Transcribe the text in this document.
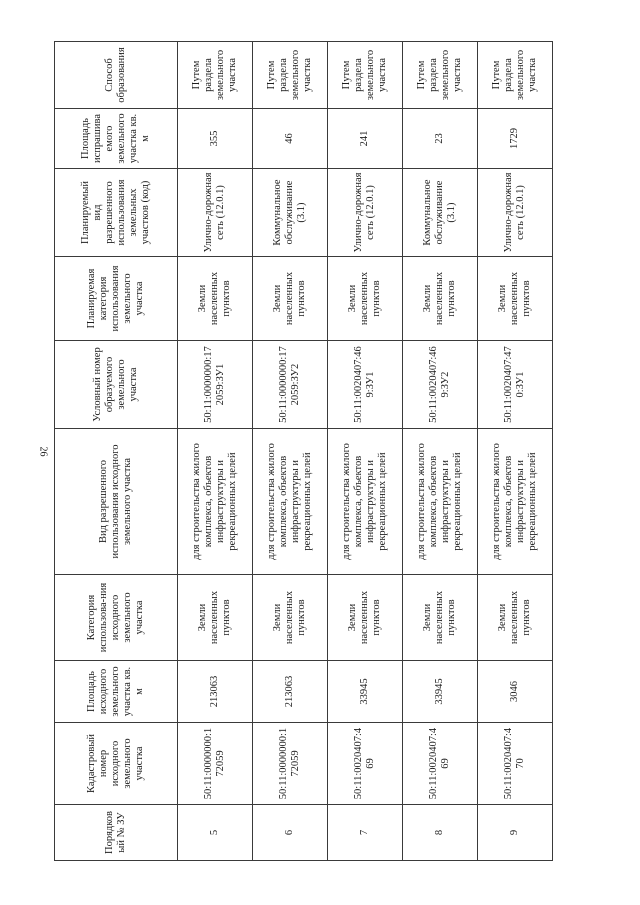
26
Порядковый № ЗУ	Кадастровый номер исходного земельного участка	Площадь исходного земельного участка кв. м	Категория использова-ния исходного земельного участка	Вид разрешенного использования исходного земельного участка	Условный номер образуемого земельного участка	Планируемая категория использования земельного участка	Планируемый вид разрешенного использования земельных участков (код)	Площадь испрашиваемого земельного участка кв. м	Способ образования
5	50:11:0000000:172059	213063	Земли населенных пунктов	для строительства жилого комплекса, объектов инфраструктуры и рекреационных целей	50:11:0000000:172059:ЗУ1	Земли населенных пунктов	Улично-дорожная сеть (12.0.1)	355	Путем раздела земельного участка
6	50:11:0000000:172059	213063	Земли населенных пунктов	для строительства жилого комплекса, объектов инфраструктуры и рекреационных целей	50:11:0000000:172059:ЗУ2	Земли населенных пунктов	Коммунальное обслуживание (3.1)	46	Путем раздела земельного участка
7	50:11:0020407:469	33945	Земли населенных пунктов	для строительства жилого комплекса, объектов инфраструктуры и рекреационных целей	50:11:0020407:469:ЗУ1	Земли населенных пунктов	Улично-дорожная сеть (12.0.1)	241	Путем раздела земельного участка
8	50:11:0020407:469	33945	Земли населенных пунктов	для строительства жилого комплекса, объектов инфраструктуры и рекреационных целей	50:11:0020407:469:ЗУ2	Земли населенных пунктов	Коммунальное обслуживание (3.1)	23	Путем раздела земельного участка
9	50:11:0020407:470	3046	Земли населенных пунктов	для строительства жилого комплекса, объектов инфраструктуры и рекреационных целей	50:11:0020407:470:ЗУ1	Земли населенных пунктов	Улично-дорожная сеть (12.0.1)	1729	Путем раздела земельного участка
